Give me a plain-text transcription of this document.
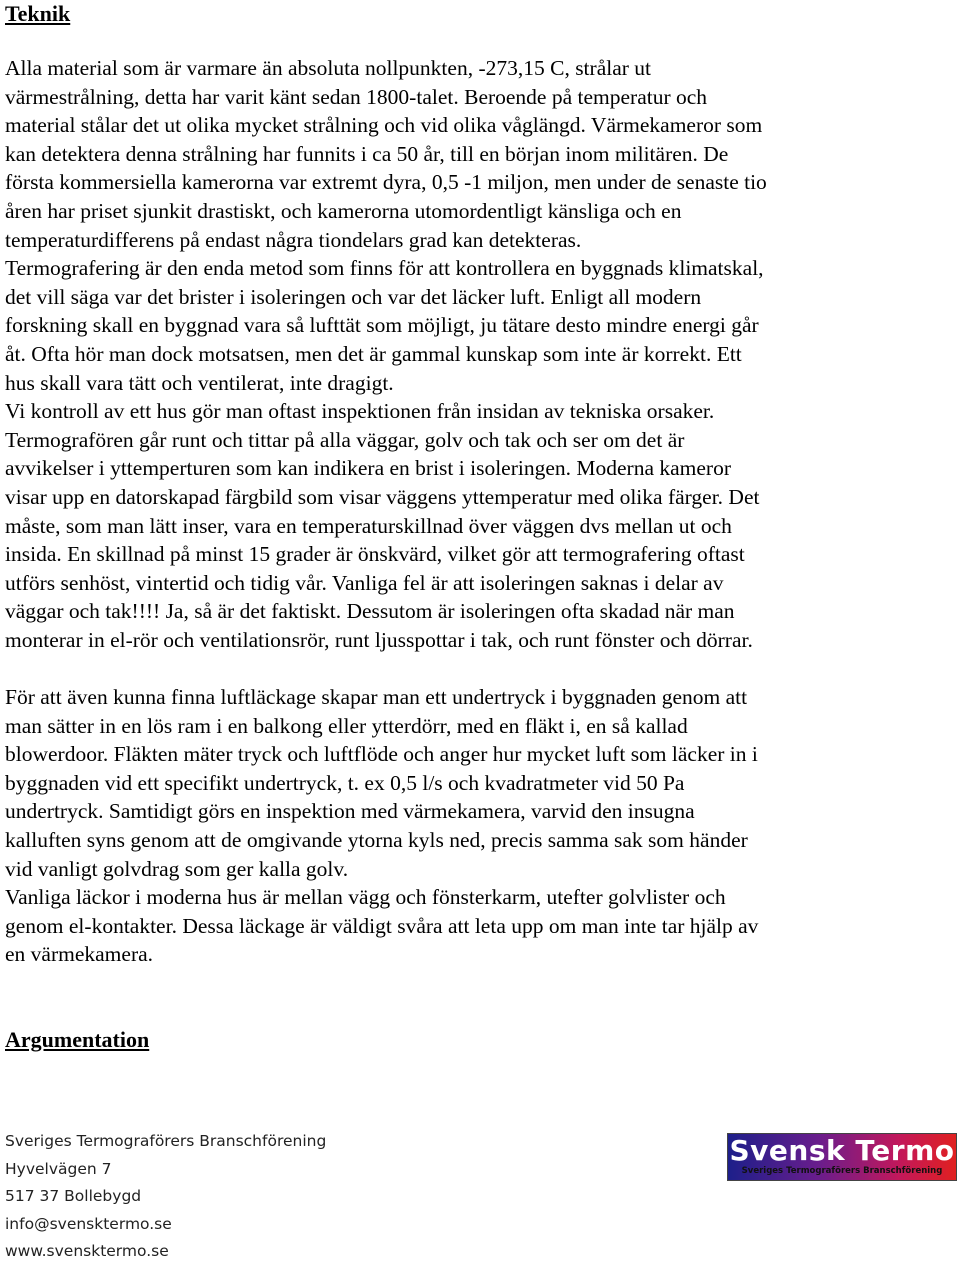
Teknik
Alla material som är varmare än absoluta nollpunkten, -273,15 C, strålar ut
värmestrålning, detta har varit känt sedan 1800-talet. Beroende på temperatur och
material stålar det ut olika mycket strålning och vid olika våglängd. Värmekameror som
kan detektera denna strålning har funnits i ca 50 år, till en början inom militären. De
första kommersiella kamerorna var extremt dyra, 0,5 -1 miljon, men under de senaste tio
åren har priset sjunkit drastiskt, och kamerorna utomordentligt känsliga och en
temperaturdifferens på endast några tiondelars grad kan detekteras.
Termografering är den enda metod som finns för att kontrollera en byggnads klimatskal,
det vill säga var det brister i isoleringen och var det läcker luft. Enligt all modern
forskning skall en byggnad vara så lufttät som möjligt, ju tätare desto mindre energi går
åt. Ofta hör man dock motsatsen, men det är gammal kunskap som inte är korrekt. Ett
hus skall vara tätt och ventilerat, inte dragigt.
Vi kontroll av ett hus gör man oftast inspektionen från insidan av tekniska orsaker.
Termografören går runt och tittar på alla väggar, golv och tak och ser om det är
avvikelser i yttemperturen som kan indikera en brist i isoleringen. Moderna kameror
visar upp en datorskapad färgbild som visar väggens yttemperatur med olika färger. Det
måste, som man lätt inser, vara en temperaturskillnad över väggen dvs mellan ut och
insida. En skillnad på minst 15 grader är önskvärd, vilket gör att termografering oftast
utförs senhöst, vintertid och tidig vår. Vanliga fel är att isoleringen saknas i delar av
väggar och tak!!!! Ja, så är det faktiskt. Dessutom är isoleringen ofta skadad när man
monterar in el-rör och ventilationsrör, runt ljusspottar i tak, och runt fönster och dörrar.
För att även kunna finna luftläckage skapar man ett undertryck i byggnaden genom att
man sätter in en lös ram i en balkong eller ytterdörr, med en fläkt i, en så kallad
blowerdoor. Fläkten mäter tryck och luftflöde och anger hur mycket luft som läcker in i
byggnaden vid ett specifikt undertryck, t. ex 0,5 l/s och kvadratmeter vid 50 Pa
undertryck. Samtidigt görs en inspektion med värmekamera, varvid den insugna
kalluften syns genom att de omgivande ytorna kyls ned, precis samma sak som händer
vid vanligt golvdrag som ger kalla golv.
Vanliga läckor i moderna hus är mellan vägg och fönsterkarm, utefter golvlister och
genom el-kontakter. Dessa läckage är väldigt svåra att leta upp om man inte tar hjälp av
en värmekamera.
Argumentation
Sveriges Termograförers Branschförening
Hyvelvägen 7
517 37 Bollebygd
info@svensktermo.se
www.svensktermo.se
Svensk Termo
Sveriges Termograförers Branschförening
